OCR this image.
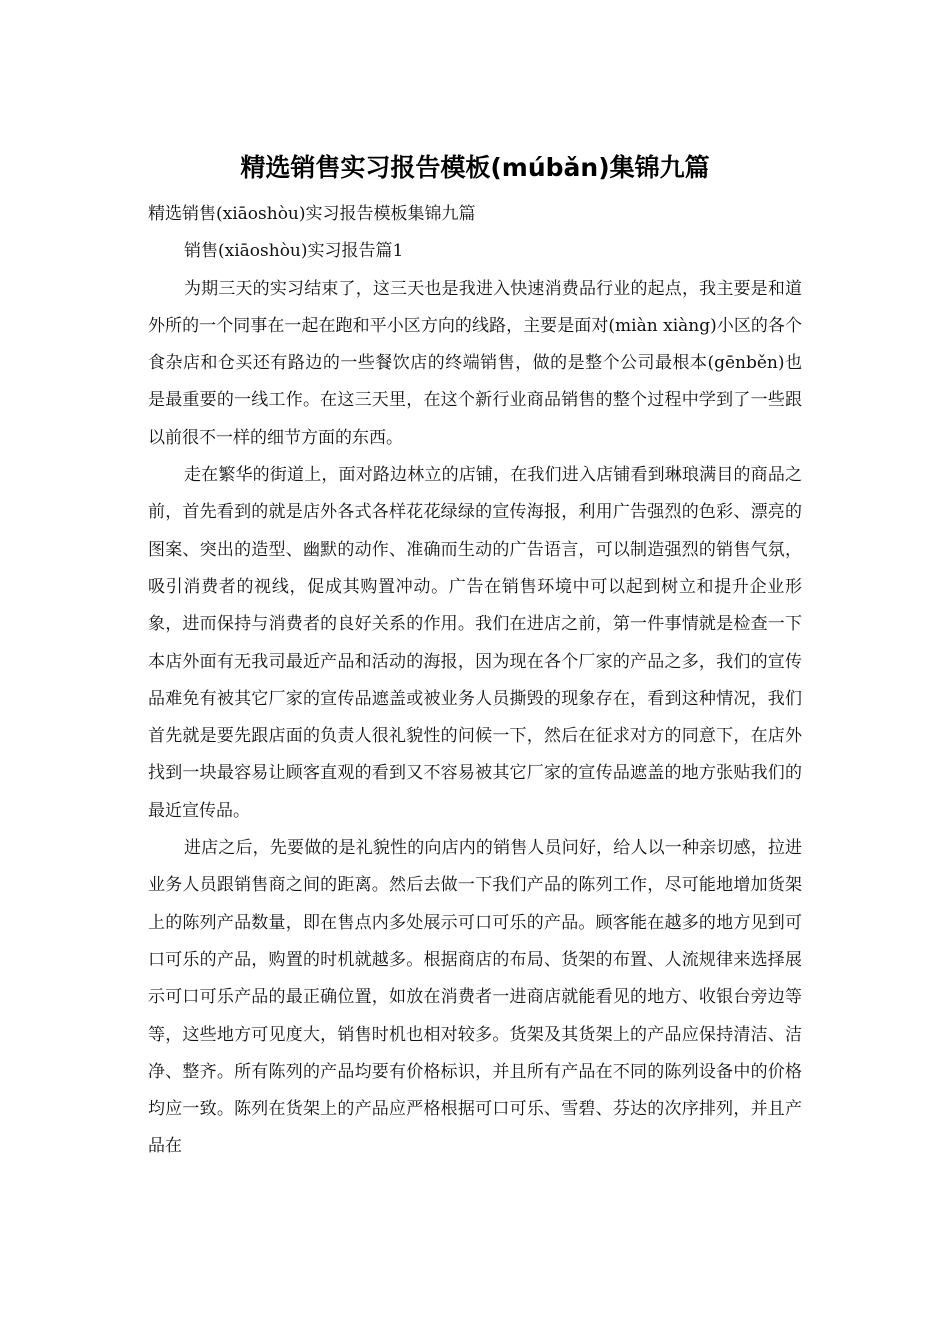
精选销售实习报告模板(múbǎn)集锦九篇

精选销售(xiāoshòu)实习报告模板集锦九篇

销售(xiāoshòu)实习报告篇1

为期三天的实习结束了，这三天也是我进入快速消费品行业的起点，我主要是和道外所的一个同事在一起在跑和平小区方向的线路，主要是面对(miàn xiàng)小区的各个食杂店和仓买还有路边的一些餐饮店的终端销售，做的是整个公司最根本(gēnběn)也是最重要的一线工作。在这三天里，在这个新行业商品销售的整个过程中学到了一些跟以前很不一样的细节方面的东西。

走在繁华的街道上，面对路边林立的店铺，在我们进入店铺看到琳琅满目的商品之前，首先看到的就是店外各式各样花花绿绿的宣传海报，利用广告强烈的色彩、漂亮的图案、突出的造型、幽默的动作、准确而生动的广告语言，可以制造强烈的销售气氛，吸引消费者的视线，促成其购置冲动。广告在销售环境中可以起到树立和提升企业形象，进而保持与消费者的良好关系的作用。我们在进店之前，第一件事情就是检查一下本店外面有无我司最近产品和活动的海报，因为现在各个厂家的产品之多，我们的宣传品难免有被其它厂家的宣传品遮盖或被业务人员撕毁的现象存在，看到这种情况，我们首先就是要先跟店面的负责人很礼貌性的问候一下，然后在征求对方的同意下，在店外找到一块最容易让顾客直观的看到又不容易被其它厂家的宣传品遮盖的地方张贴我们的最近宣传品。

进店之后，先要做的是礼貌性的向店内的销售人员问好，给人以一种亲切感，拉进业务人员跟销售商之间的距离。然后去做一下我们产品的陈列工作，尽可能地增加货架上的陈列产品数量，即在售点内多处展示可口可乐的产品。顾客能在越多的地方见到可口可乐的产品，购置的时机就越多。根据商店的布局、货架的布置、人流规律来选择展示可口可乐产品的最正确位置，如放在消费者一进商店就能看见的地方、收银台旁边等等，这些地方可见度大，销售时机也相对较多。货架及其货架上的产品应保持清洁、洁净、整齐。所有陈列的产品均要有价格标识，并且所有产品在不同的陈列设备中的价格均应一致。陈列在货架上的产品应严格根据可口可乐、雪碧、芬达的次序排列，并且产品在
